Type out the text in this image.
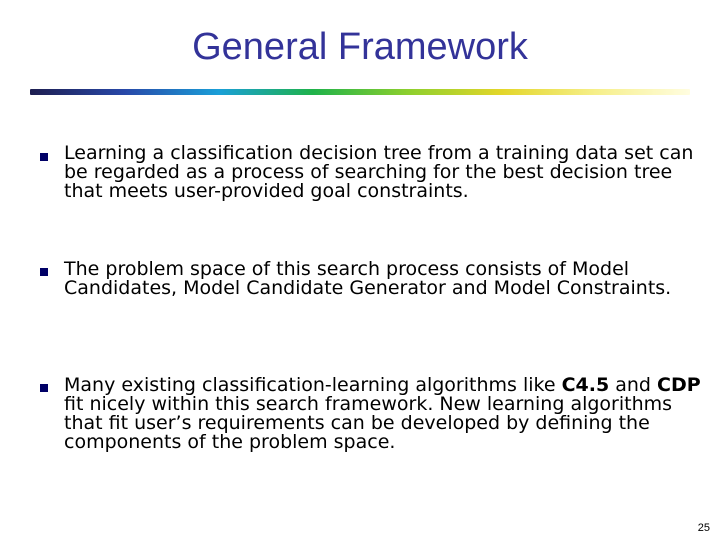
General Framework
Learning a classification decision tree from a training data set can be regarded as a process of searching for the best decision tree that meets user-provided goal constraints.
The problem space of this search process consists of Model Candidates, Model Candidate Generator and Model Constraints.
Many existing classification-learning algorithms like C4.5 and CDP fit nicely within this search framework. New learning algorithms that fit user’s requirements can be developed by defining the components of the problem space.
25
